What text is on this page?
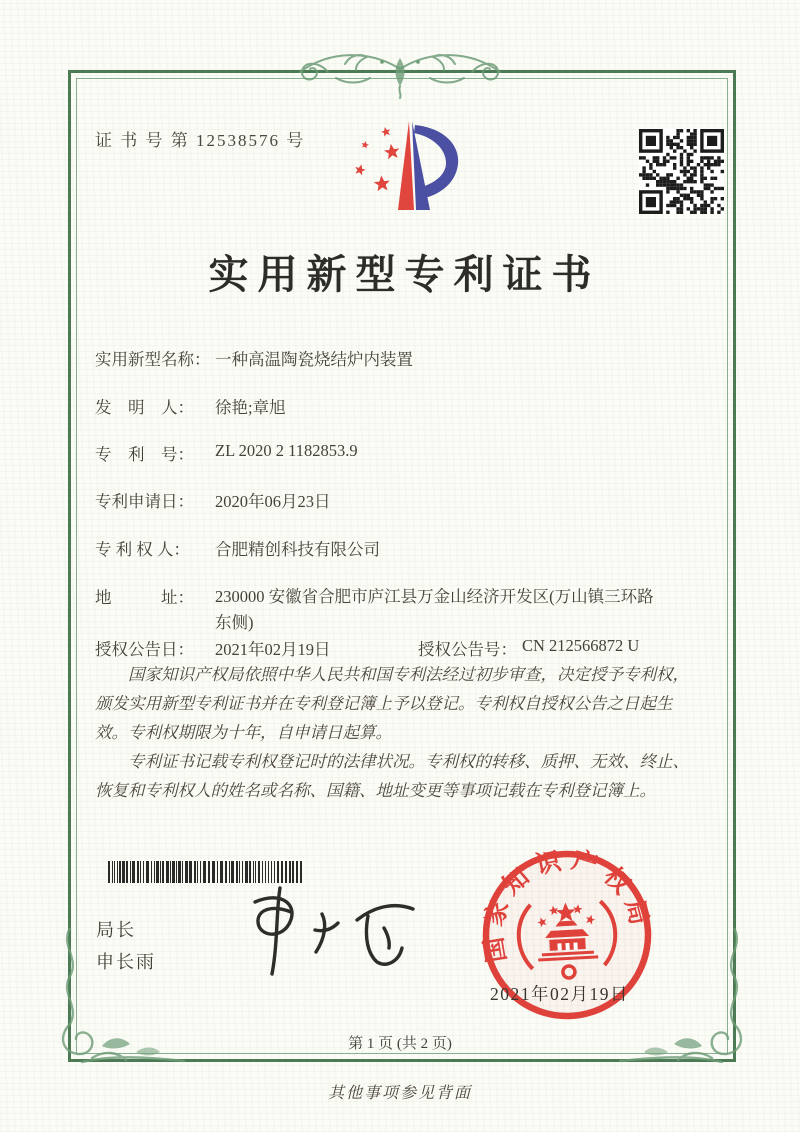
证 书 号 第 12538576 号
实用新型专利证书
实用新型名称： 一种高温陶瓷烧结炉内装置
发　明　人： 徐艳;章旭
专　利　号： ZL 2020 2 1182853.9
专利申请日： 2020年06月23日
专 利 权 人： 合肥精创科技有限公司
地　　　址： 230000 安徽省合肥市庐江县万金山经济开发区(万山镇三环路东侧)
授权公告日： 2021年02月19日	授权公告号： CN 212566872 U

国家知识产权局依照中华人民共和国专利法经过初步审查，决定授予专利权，颁发实用新型专利证书并在专利登记簿上予以登记。专利权自授权公告之日起生效。专利权期限为十年，自申请日起算。

专利证书记载专利权登记时的法律状况。专利权的转移、质押、无效、终止、恢复和专利权人的姓名或名称、国籍、地址变更等事项记载在专利登记簿上。

局长
申长雨	国家知识产权局
2021年02月19日
第 1 页 (共 2 页)
其他事项参见背面
